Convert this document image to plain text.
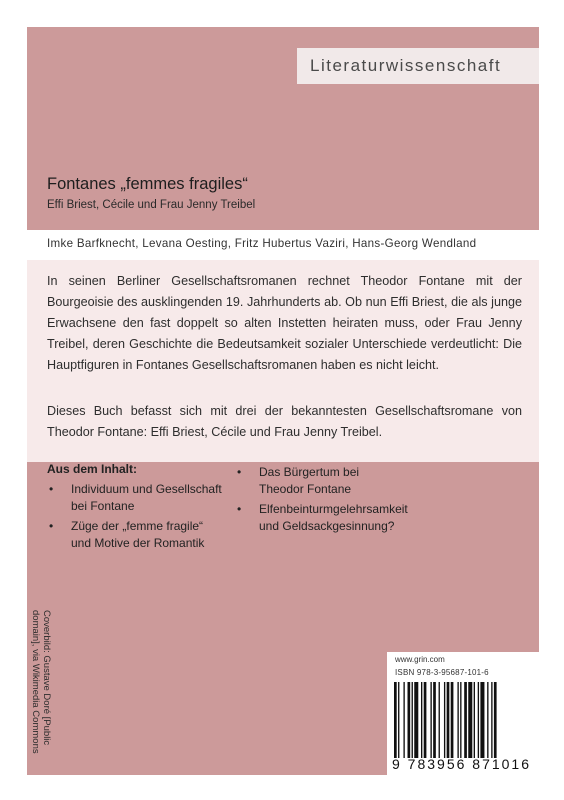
Literaturwissenschaft
Fontanes „femmes fragiles“
Effi Briest, Cécile und Frau Jenny Treibel
Imke Barfknecht, Levana Oesting, Fritz Hubertus Vaziri, Hans-Georg Wendland

In seinen Berliner Gesellschaftsromanen rechnet Theodor Fontane mit der Bourgeoisie des ausklingenden 19. Jahrhunderts ab. Ob nun Effi Briest, die als junge Erwachsene den fast doppelt so alten Instetten heiraten muss, oder Frau Jenny Treibel, deren Geschichte die Bedeutsamkeit sozialer Unterschiede verdeutlicht: Die Hauptfiguren in Fontanes Gesellschaftsromanen haben es nicht leicht.

Dieses Buch befasst sich mit drei der bekanntesten Gesellschaftsromane von Theodor Fontane: Effi Briest, Cécile und Frau Jenny Treibel.

Aus dem Inhalt:
• Individuum und Gesellschaft bei Fontane
• Züge der „femme fragile“ und Motive der Romantik
• Das Bürgertum bei Theodor Fontane
• Elfenbeinturmgelehrsamkeit und Geldsackgesinnung?
Coverbild: Gustave Doré [Public domain], via Wikimedia Commons	www.grin.com
ISBN 978-3-95687-101-6
9 783956 871016
